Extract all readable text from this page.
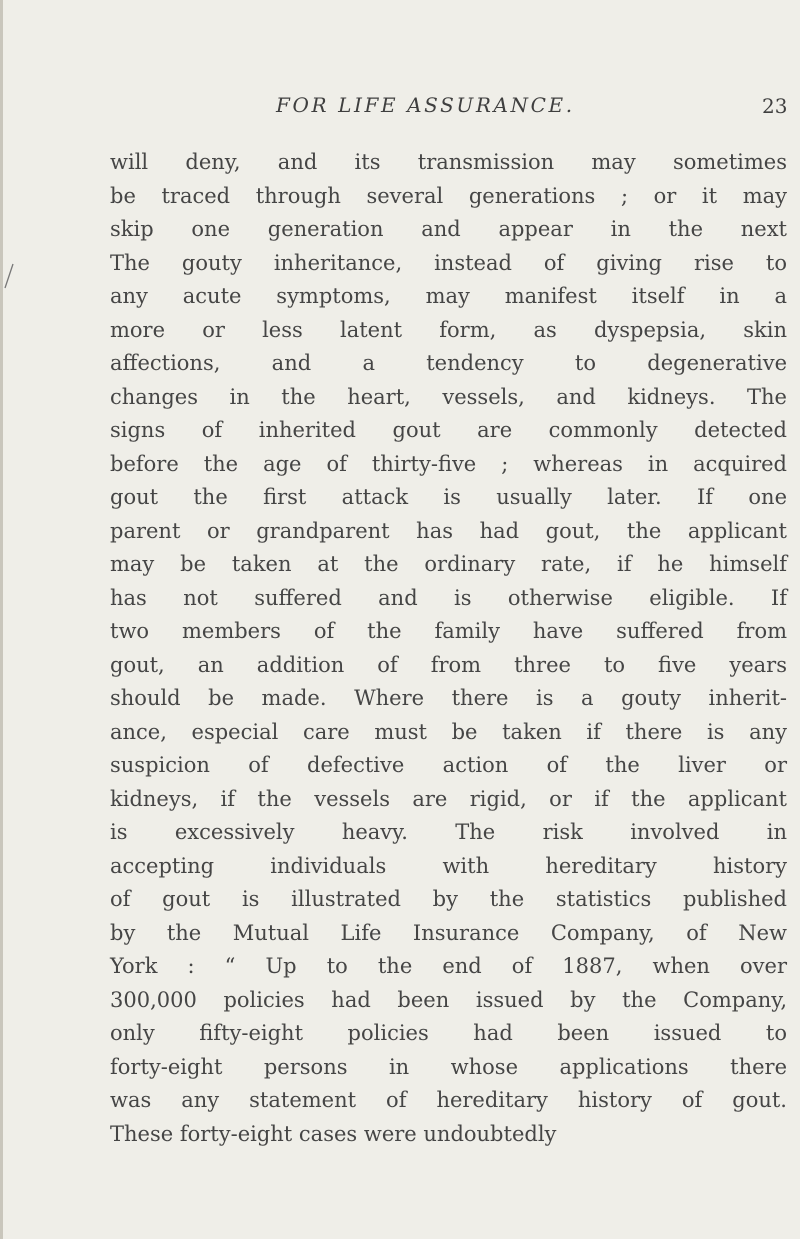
FOR LIFE ASSURANCE.	23
will deny, and its transmission may sometimes
be traced through several generations ; or it may
skip one generation and appear in the next
The gouty inheritance, instead of giving rise to
any acute symptoms, may manifest itself in a
more or less latent form, as dyspepsia, skin
affections, and a tendency to degenerative
changes in the heart, vessels, and kidneys. The
signs of inherited gout are commonly detected
before the age of thirty-five ; whereas in acquired
gout the first attack is usually later. If one
parent or grandparent has had gout, the applicant
may be taken at the ordinary rate, if he himself
has not suffered and is otherwise eligible. If
two members of the family have suffered from
gout, an addition of from three to five years
should be made. Where there is a gouty inherit-
ance, especial care must be taken if there is any
suspicion of defective action of the liver or
kidneys, if the vessels are rigid, or if the applicant
is excessively heavy. The risk involved in
accepting individuals with hereditary history
of gout is illustrated by the statistics published
by the Mutual Life Insurance Company, of New
York : “ Up to the end of 1887, when over
300,000 policies had been issued by the Company,
only fifty-eight policies had been issued to
forty-eight persons in whose applications there
was any statement of hereditary history of gout.
These forty-eight cases were undoubtedly
